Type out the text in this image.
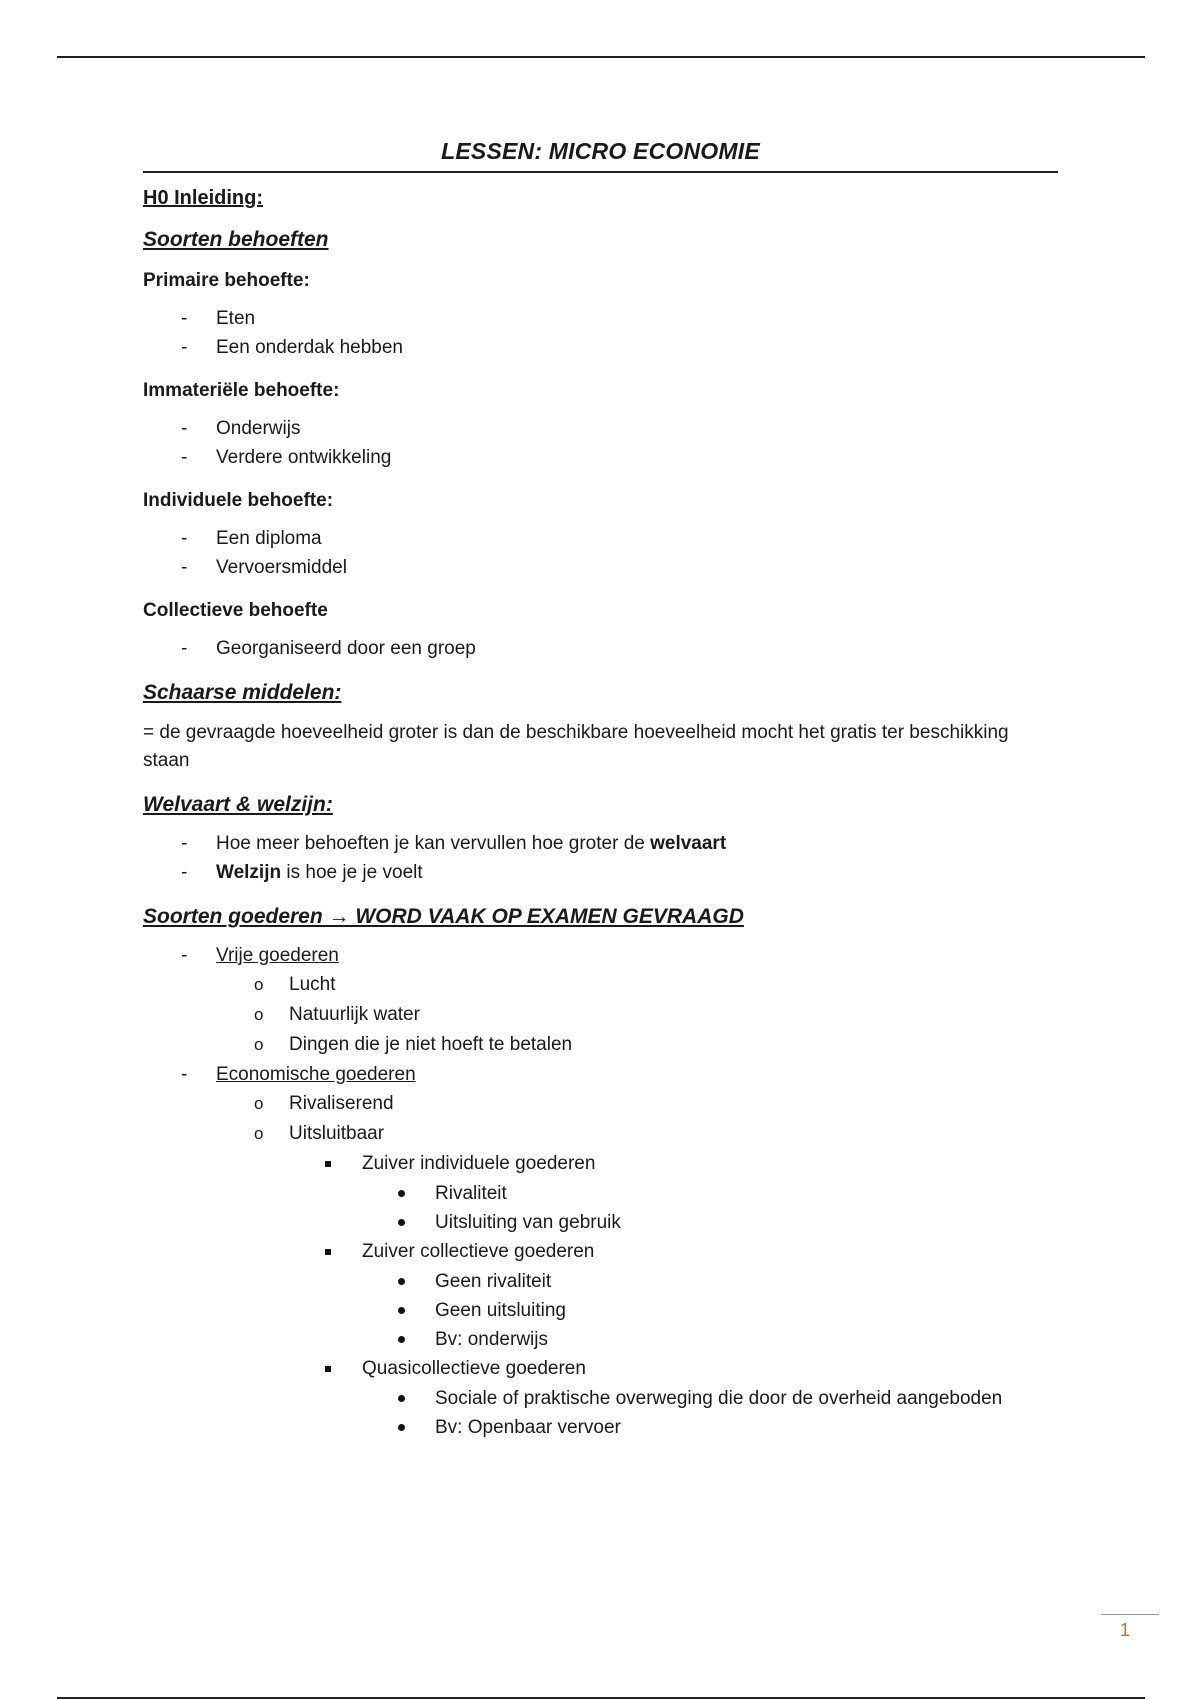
LESSEN: MICRO ECONOMIE
H0 Inleiding:
Soorten behoeften
Primaire behoefte:
- Eten
- Een onderdak hebben
Immateriële behoefte:
- Onderwijs
- Verdere ontwikkeling
Individuele behoefte:
- Een diploma
- Vervoersmiddel
Collectieve behoefte
- Georganiseerd door een groep
Schaarse middelen:
= de gevraagde hoeveelheid groter is dan de beschikbare hoeveelheid mocht het gratis ter beschikking staan
Welvaart & welzijn:
- Hoe meer behoeften je kan vervullen hoe groter de welvaart
- Welzijn is hoe je je voelt
Soorten goederen → WORD VAAK OP EXAMEN GEVRAAGD
- Vrije goederen
o Lucht
o Natuurlijk water
o Dingen die je niet hoeft te betalen
- Economische goederen
o Rivaliserend
o Uitsluitbaar
Zuiver individuele goederen
Rivaliteit
Uitsluiting van gebruik
Zuiver collectieve goederen
Geen rivaliteit
Geen uitsluiting
Bv: onderwijs
Quasicollectieve goederen
Sociale of praktische overweging die door de overheid aangeboden
Bv: Openbaar vervoer
1
